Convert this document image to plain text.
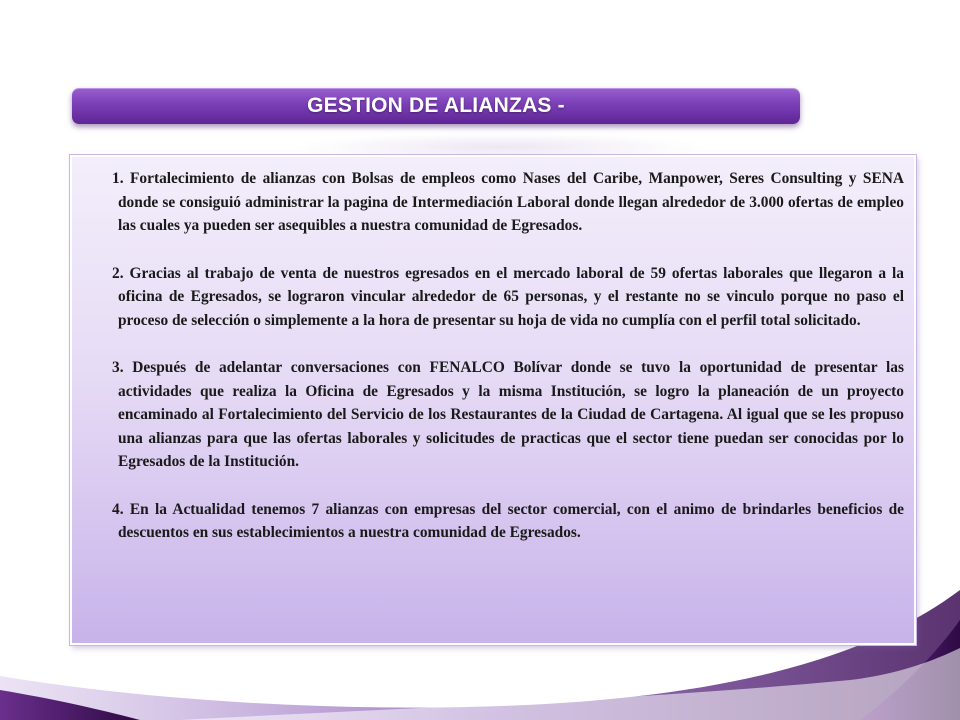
GESTION DE ALIANZAS -

1. Fortalecimiento de alianzas con Bolsas de empleos como Nases del Caribe, Manpower, Seres Consulting y SENA donde se consiguió administrar la pagina de Intermediación Laboral donde llegan alrededor de 3.000 ofertas de empleo las cuales ya pueden ser asequibles a nuestra comunidad de Egresados.

2. Gracias al trabajo de venta de nuestros egresados en el mercado laboral de 59 ofertas laborales que llegaron a la oficina de Egresados, se lograron vincular alrededor de 65 personas, y el restante no se vinculo porque no paso el proceso de selección o simplemente a la hora de presentar su hoja de vida no cumplía con el perfil total solicitado.

3. Después de adelantar conversaciones con FENALCO Bolívar donde se tuvo la oportunidad de presentar las actividades que realiza la Oficina de Egresados y la misma Institución, se logro la planeación de un proyecto encaminado al Fortalecimiento del Servicio de los Restaurantes de la Ciudad de Cartagena. Al igual que se les propuso una alianzas para que las ofertas laborales y solicitudes de practicas que el sector tiene puedan ser conocidas por lo Egresados de la Institución.

4. En la Actualidad tenemos 7 alianzas con empresas del sector comercial, con el animo de brindarles beneficios de descuentos en sus establecimientos a nuestra comunidad de Egresados.
